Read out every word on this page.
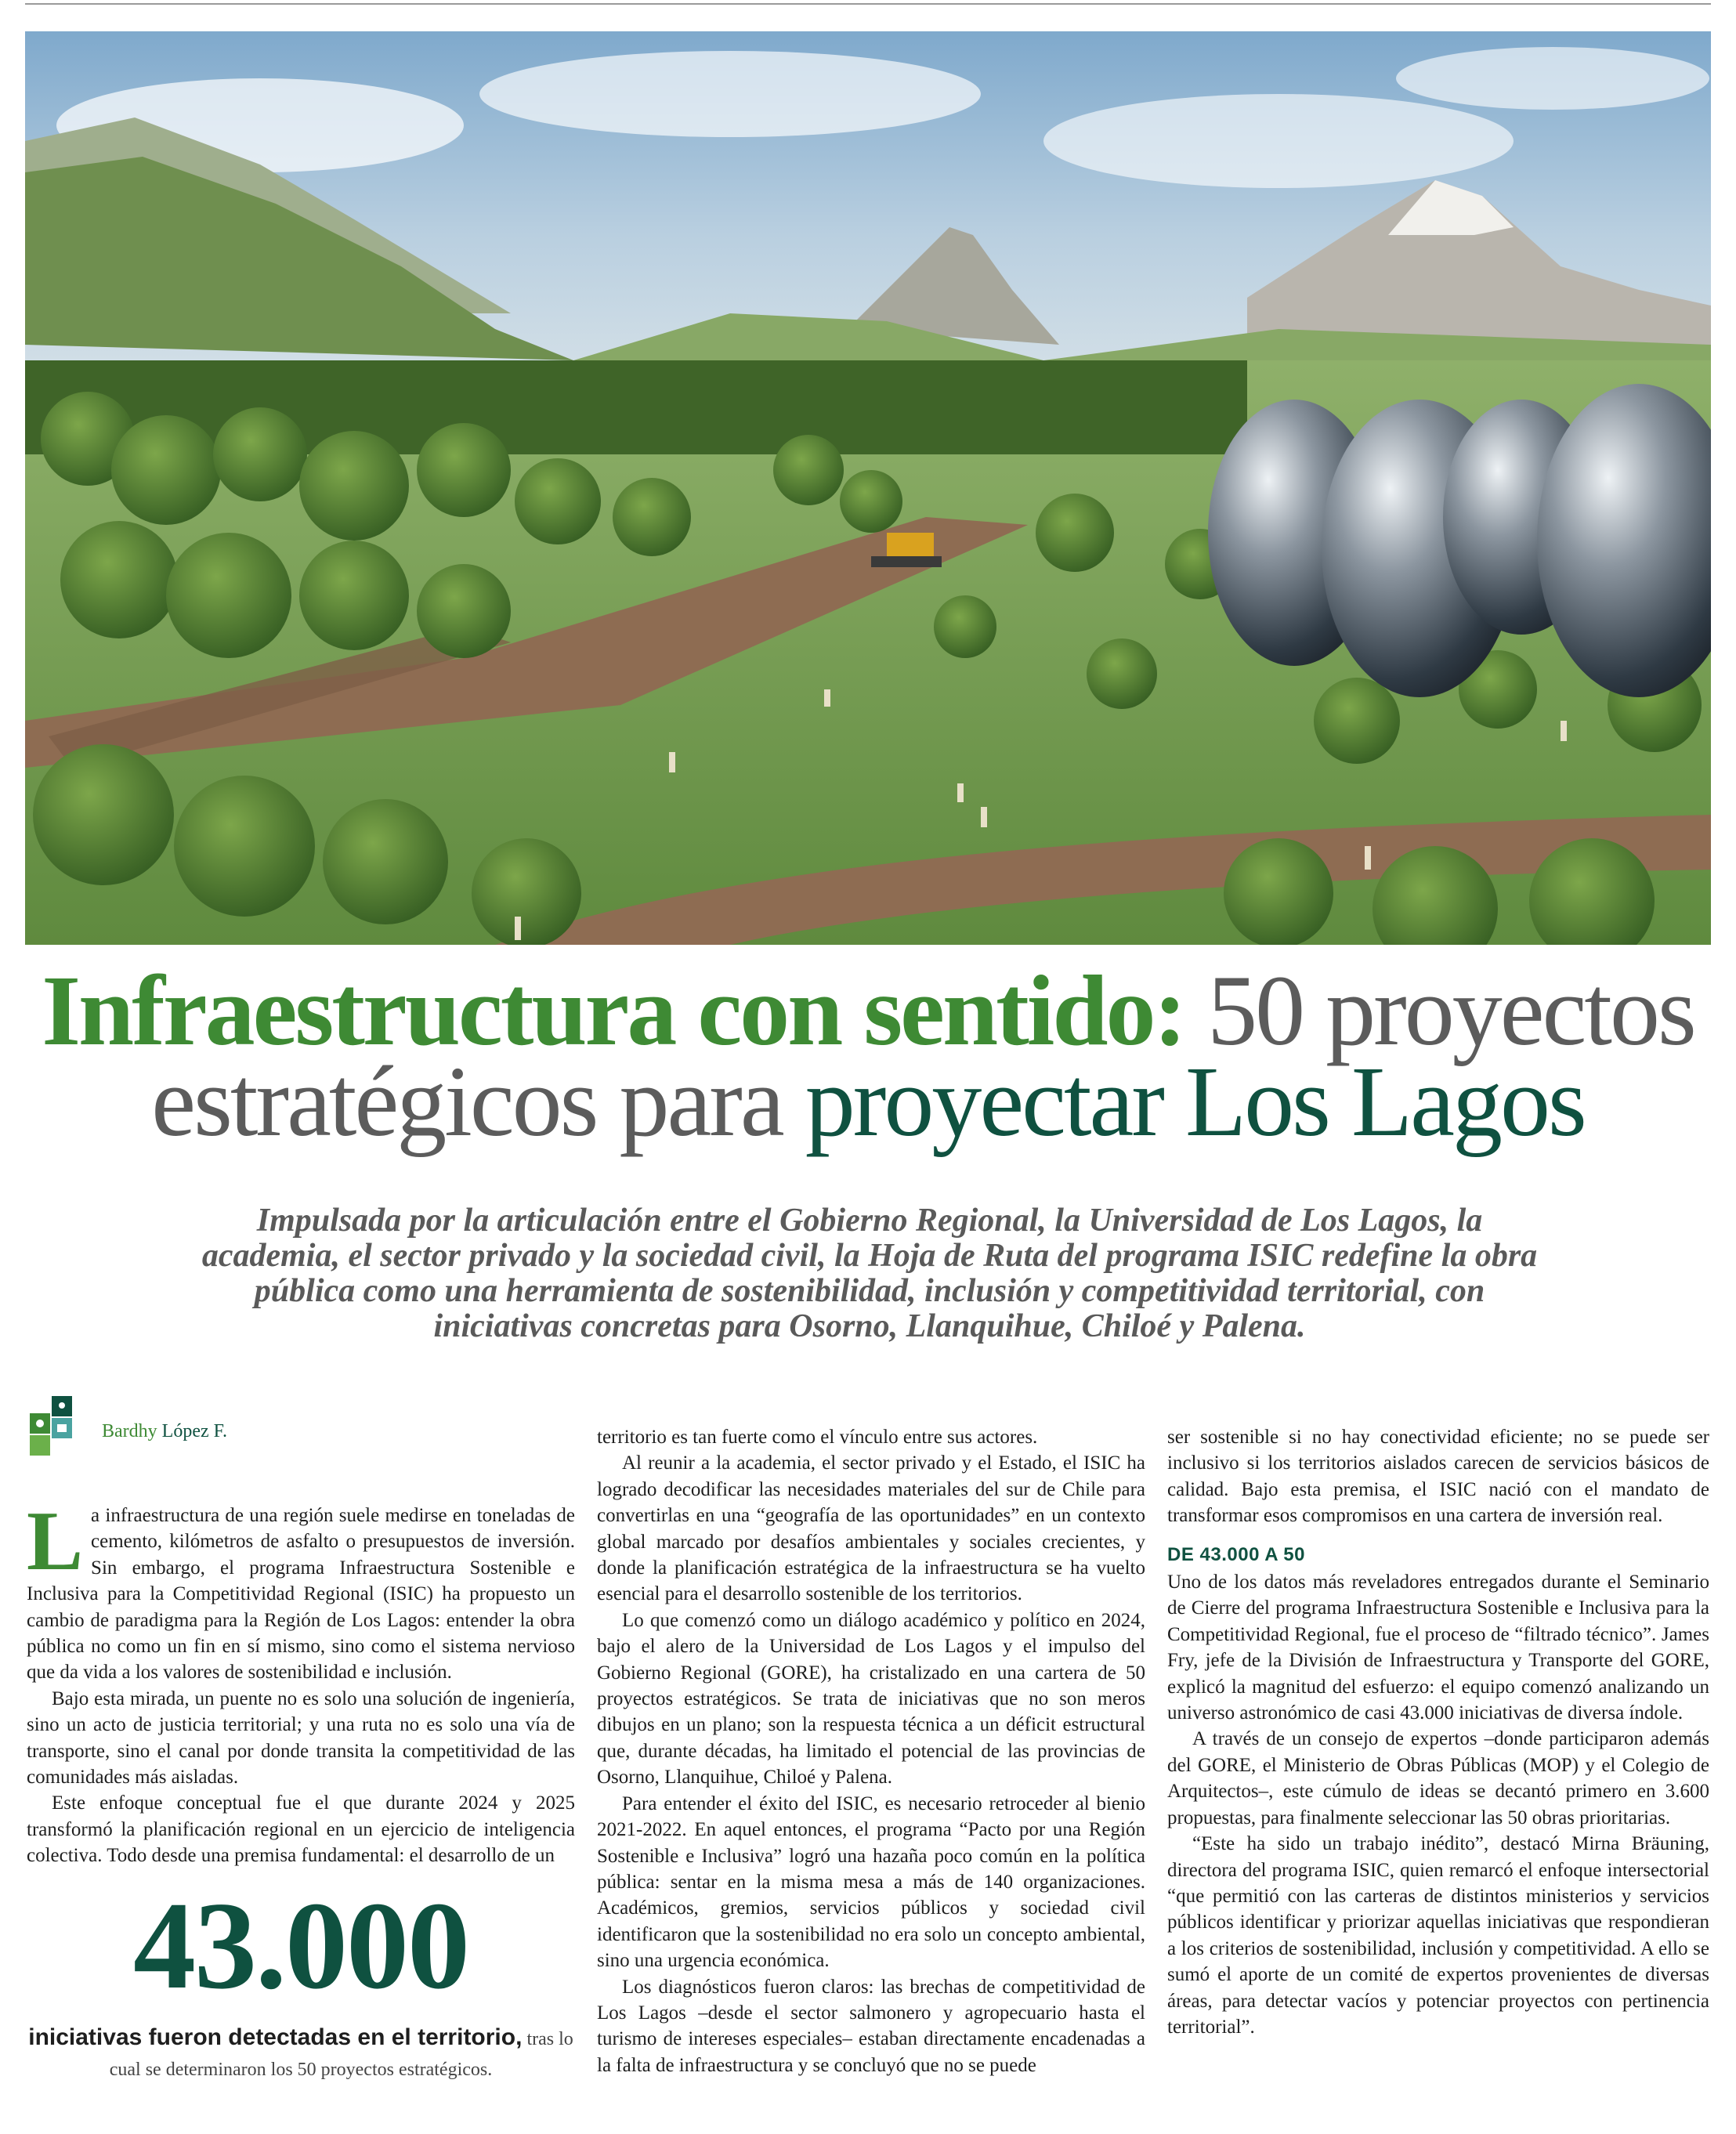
Infraestructura con sentido: 50 proyectos estratégicos para proyectar Los Lagos
Impulsada por la articulación entre el Gobierno Regional, la Universidad de Los Lagos, la academia, el sector privado y la sociedad civil, la Hoja de Ruta del programa ISIC redefine la obra pública como una herramienta de sostenibilidad, inclusión y competitividad territorial, con iniciativas concretas para Osorno, Llanquihue, Chiloé y Palena.
Bardhy López F.

La infraestructura de una región suele medirse en toneladas de cemento, kilómetros de asfalto o presupuestos de inversión. Sin embargo, el programa Infraestructura Sostenible e Inclusiva para la Competitividad Regional (ISIC) ha propuesto un cambio de paradigma para la Región de Los Lagos: entender la obra pública no como un fin en sí mismo, sino como el sistema nervioso que da vida a los valores de sostenibilidad e inclusión.

Bajo esta mirada, un puente no es solo una solución de ingeniería, sino un acto de justicia territorial; y una ruta no es solo una vía de transporte, sino el canal por donde transita la competitividad de las comunidades más aisladas.

Este enfoque conceptual fue el que durante 2024 y 2025 transformó la planificación regional en un ejercicio de inteligencia colectiva. Todo desde una premisa fundamental: el desarrollo de un

43.000
iniciativas fueron detectadas en el territorio, tras lo cual se determinaron los 50 proyectos estratégicos.

territorio es tan fuerte como el vínculo entre sus actores.

Al reunir a la academia, el sector privado y el Estado, el ISIC ha logrado decodificar las necesidades materiales del sur de Chile para convertirlas en una “geografía de las oportunidades” en un contexto global marcado por desafíos ambientales y sociales crecientes, y donde la planificación estratégica de la infraestructura se ha vuelto esencial para el desarrollo sostenible de los territorios.

Lo que comenzó como un diálogo académico y político en 2024, bajo el alero de la Universidad de Los Lagos y el impulso del Gobierno Regional (GORE), ha cristalizado en una cartera de 50 proyectos estratégicos. Se trata de iniciativas que no son meros dibujos en un plano; son la respuesta técnica a un déficit estructural que, durante décadas, ha limitado el potencial de las provincias de Osorno, Llanquihue, Chiloé y Palena.

Para entender el éxito del ISIC, es necesario retroceder al bienio 2021-2022. En aquel entonces, el programa “Pacto por una Región Sostenible e Inclusiva” logró una hazaña poco común en la política pública: sentar en la misma mesa a más de 140 organizaciones. Académicos, gremios, servicios públicos y sociedad civil identificaron que la sostenibilidad no era solo un concepto ambiental, sino una urgencia económica.

Los diagnósticos fueron claros: las brechas de competitividad de Los Lagos –desde el sector salmonero y agropecuario hasta el turismo de intereses especiales– estaban directamente encadenadas a la falta de infraestructura y se concluyó que no se puede

ser sostenible si no hay conectividad eficiente; no se puede ser inclusivo si los territorios aislados carecen de servicios básicos de calidad. Bajo esta premisa, el ISIC nació con el mandato de transformar esos compromisos en una cartera de inversión real.

DE 43.000 A 50

Uno de los datos más reveladores entregados durante el Seminario de Cierre del programa Infraestructura Sostenible e Inclusiva para la Competitividad Regional, fue el proceso de “filtrado técnico”. James Fry, jefe de la División de Infraestructura y Transporte del GORE, explicó la magnitud del esfuerzo: el equipo comenzó analizando un universo astronómico de casi 43.000 iniciativas de diversa índole.

A través de un consejo de expertos –donde participaron además del GORE, el Ministerio de Obras Públicas (MOP) y el Colegio de Arquitectos–, este cúmulo de ideas se decantó primero en 3.600 propuestas, para finalmente seleccionar las 50 obras prioritarias.

“Este ha sido un trabajo inédito”, destacó Mirna Bräuning, directora del programa ISIC, quien remarcó el enfoque intersectorial “que permitió con las carteras de distintos ministerios y servicios públicos identificar y priorizar aquellas iniciativas que respondieran a los criterios de sostenibilidad, inclusión y competitividad. A ello se sumó el aporte de un comité de expertos provenientes de diversas áreas, para detectar vacíos y potenciar proyectos con pertinencia territorial”.
